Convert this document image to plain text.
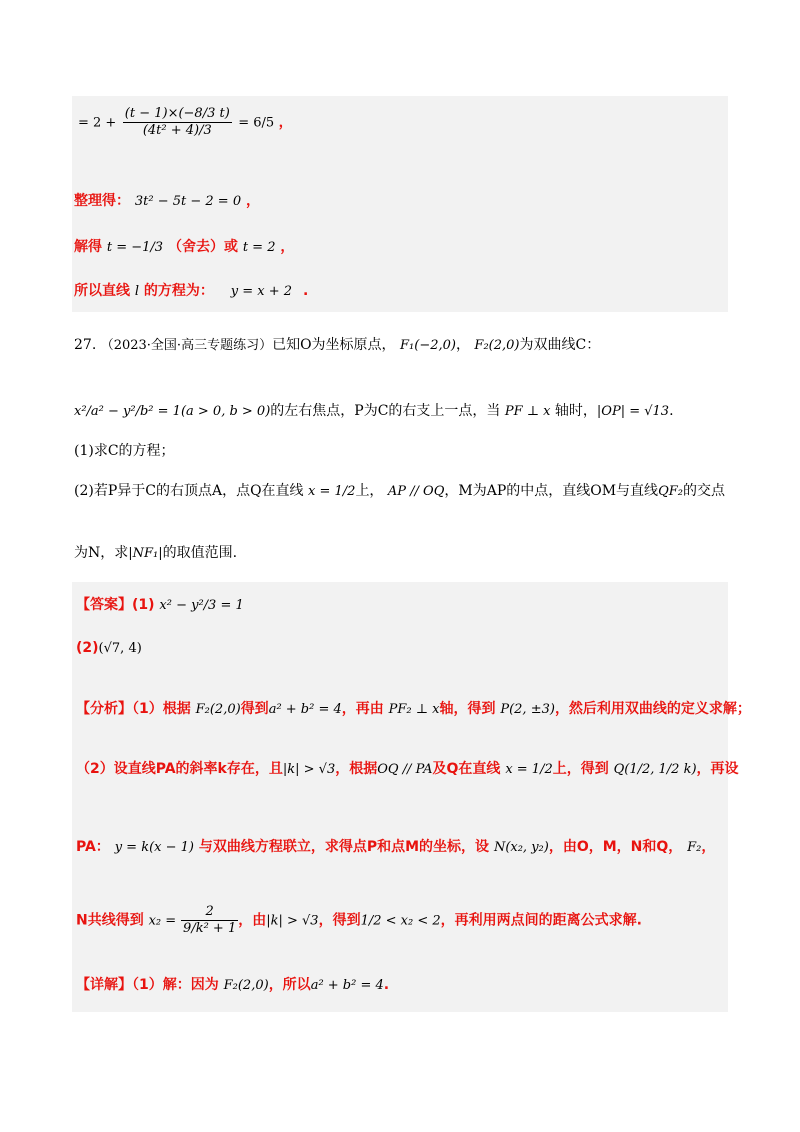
= $2 + \frac{(t - 1)\times(-8/3 t)}{\text{(4t² + 4)/3}} = 6/5$ ，
整理得： 3t² − 5t − 2 = 0 ，
解得 t = −1/3 （舍去）或 t = 2 ，
所以直线 l 的方程为： y = x + 2 .
27. （2023·全国·高三专题练习）已知O为坐标原点， F₁(−2,0)， F₂(2,0)为双曲线C：
x²/a² − y²/b² = 1(a > 0, b > 0)的左右焦点，P为C的右支上一点，当 PF ⊥ x 轴时，|OP| = √13.
(1)求C的方程；
(2)若P异于C的右顶点A，点Q在直线 x = 1/2上， AP // OQ，M为AP的中点，直线OM与直线QF₂的交点
为N，求|NF₁|的取值范围.
【答案】(1) x² − y²/3 = 1
(2)(√7, 4)
【分析】（1）根据 F₂(2,0)得到a² + b² = 4，再由 PF₂ ⊥ x轴，得到 P(2, ±3)，然后利用双曲线的定义求解；
（2）设直线PA的斜率k存在，且|k| > √3，根据OQ // PA及Q在直线 x = 1/2上，得到 Q(1/2, 1/2 k)，再设
PA： y = k(x − 1) 与双曲线方程联立，求得点P和点M的坐标，设 N(x₂, y₂)，由O，M，N和Q， F₂，
N共线得到 $x_2 = \frac{2}{\text{9/k² + 1}}$ ，由|k| > √3，得到1/2 < x₂ < 2，再利用两点间的距离公式求解.
【详解】（1）解：因为 F₂(2,0)，所以a² + b² = 4.
